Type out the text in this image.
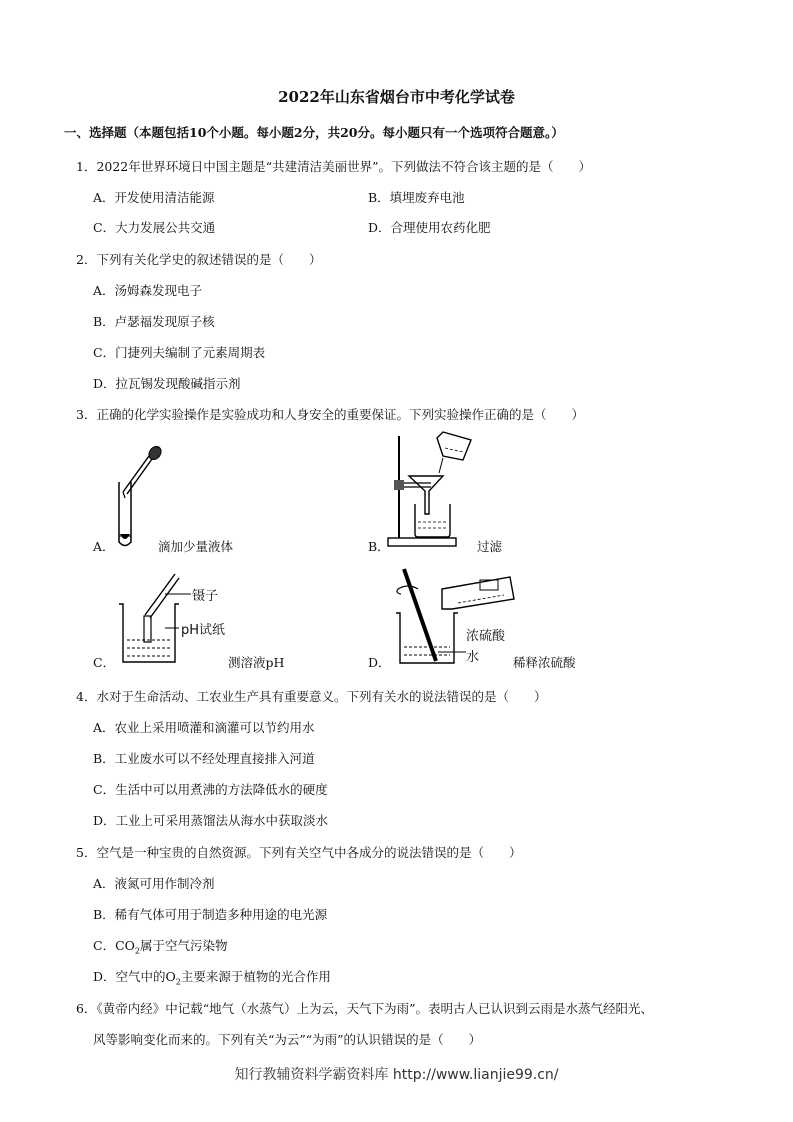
2022年山东省烟台市中考化学试卷
一、选择题（本题包括10个小题。每小题2分，共20分。每小题只有一个选项符合题意。）
1．2022年世界环境日中国主题是“共建清洁美丽世界”。下列做法不符合该主题的是（　　）
A．开发使用清洁能源	B．填埋废弃电池
C．大力发展公共交通	D．合理使用农药化肥
2．下列有关化学史的叙述错误的是（　　）
A．汤姆森发现电子
B．卢瑟福发现原子核
C．门捷列夫编制了元素周期表
D．拉瓦锡发现酸碱指示剂
3．正确的化学实验操作是实验成功和人身安全的重要保证。下列实验操作正确的是（　　）
A．	滴加少量液体	B．	过滤
镊子
pH试纸
C．	测溶液pH
浓硫酸
水
D．	稀释浓硫酸
4．水对于生命活动、工农业生产具有重要意义。下列有关水的说法错误的是（　　）
A．农业上采用喷灌和滴灌可以节约用水
B．工业废水可以不经处理直接排入河道
C．生活中可以用煮沸的方法降低水的硬度
D．工业上可采用蒸馏法从海水中获取淡水
5．空气是一种宝贵的自然资源。下列有关空气中各成分的说法错误的是（　　）
A．液氮可用作制冷剂
B．稀有气体可用于制造多种用途的电光源
C．$CO_2$属于空气污染物
D．空气中的$O_2$主要来源于植物的光合作用
6．《黄帝内经》中记载“地气（水蒸气）上为云，天气下为雨”。表明古人已认识到云雨是水蒸气经阳光、
风等影响变化而来的。下列有关“为云”“为雨”的认识错误的是（　　）
知行教辅资料学霸资料库 http://www.lianjie99.cn/
